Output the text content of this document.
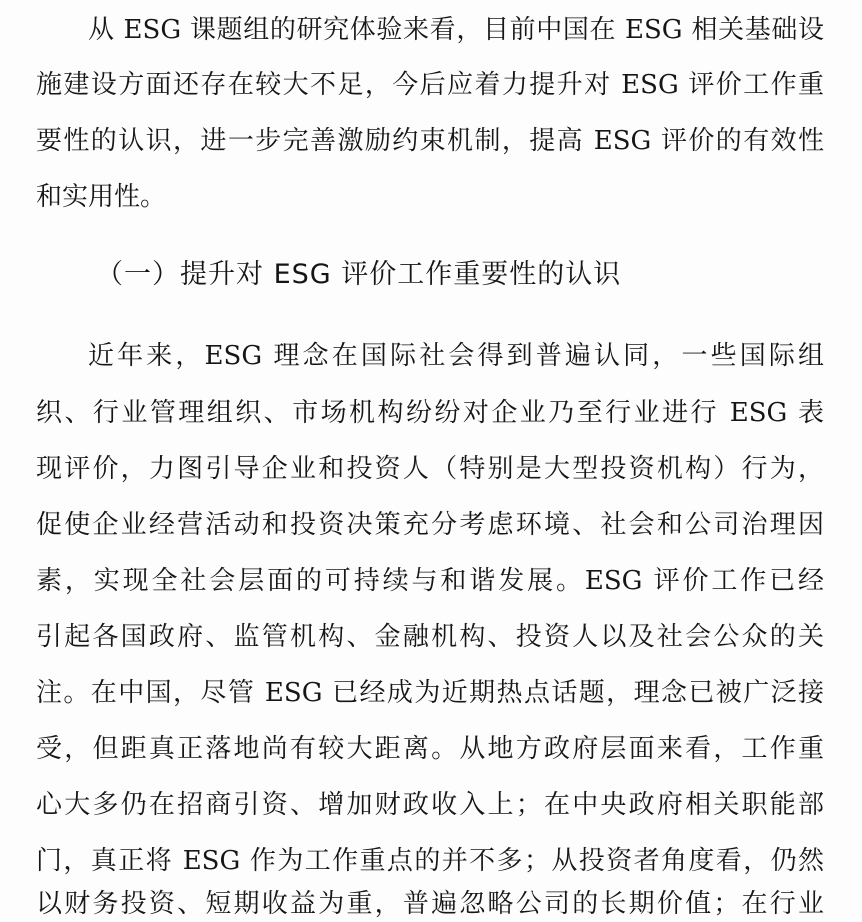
从 ESG 课题组的研究体验来看，目前中国在 ESG 相关基础设
施建设方面还存在较大不足，今后应着力提升对 ESG 评价工作重
要性的认识，进一步完善激励约束机制，提高 ESG 评价的有效性
和实用性。
（一）提升对 ESG 评价工作重要性的认识
近年来，ESG 理念在国际社会得到普遍认同，一些国际组
织、行业管理组织、市场机构纷纷对企业乃至行业进行 ESG 表
现评价，力图引导企业和投资人（特别是大型投资机构）行为，
促使企业经营活动和投资决策充分考虑环境、社会和公司治理因
素，实现全社会层面的可持续与和谐发展。ESG 评价工作已经
引起各国政府、监管机构、金融机构、投资人以及社会公众的关
注。在中国，尽管 ESG 已经成为近期热点话题，理念已被广泛接
受，但距真正落地尚有较大距离。从地方政府层面来看，工作重
心大多仍在招商引资、增加财政收入上；在中央政府相关职能部
门，真正将 ESG 作为工作重点的并不多；从投资者角度看，仍然
以财务投资、短期收益为重，普遍忽略公司的长期价值；在行业
